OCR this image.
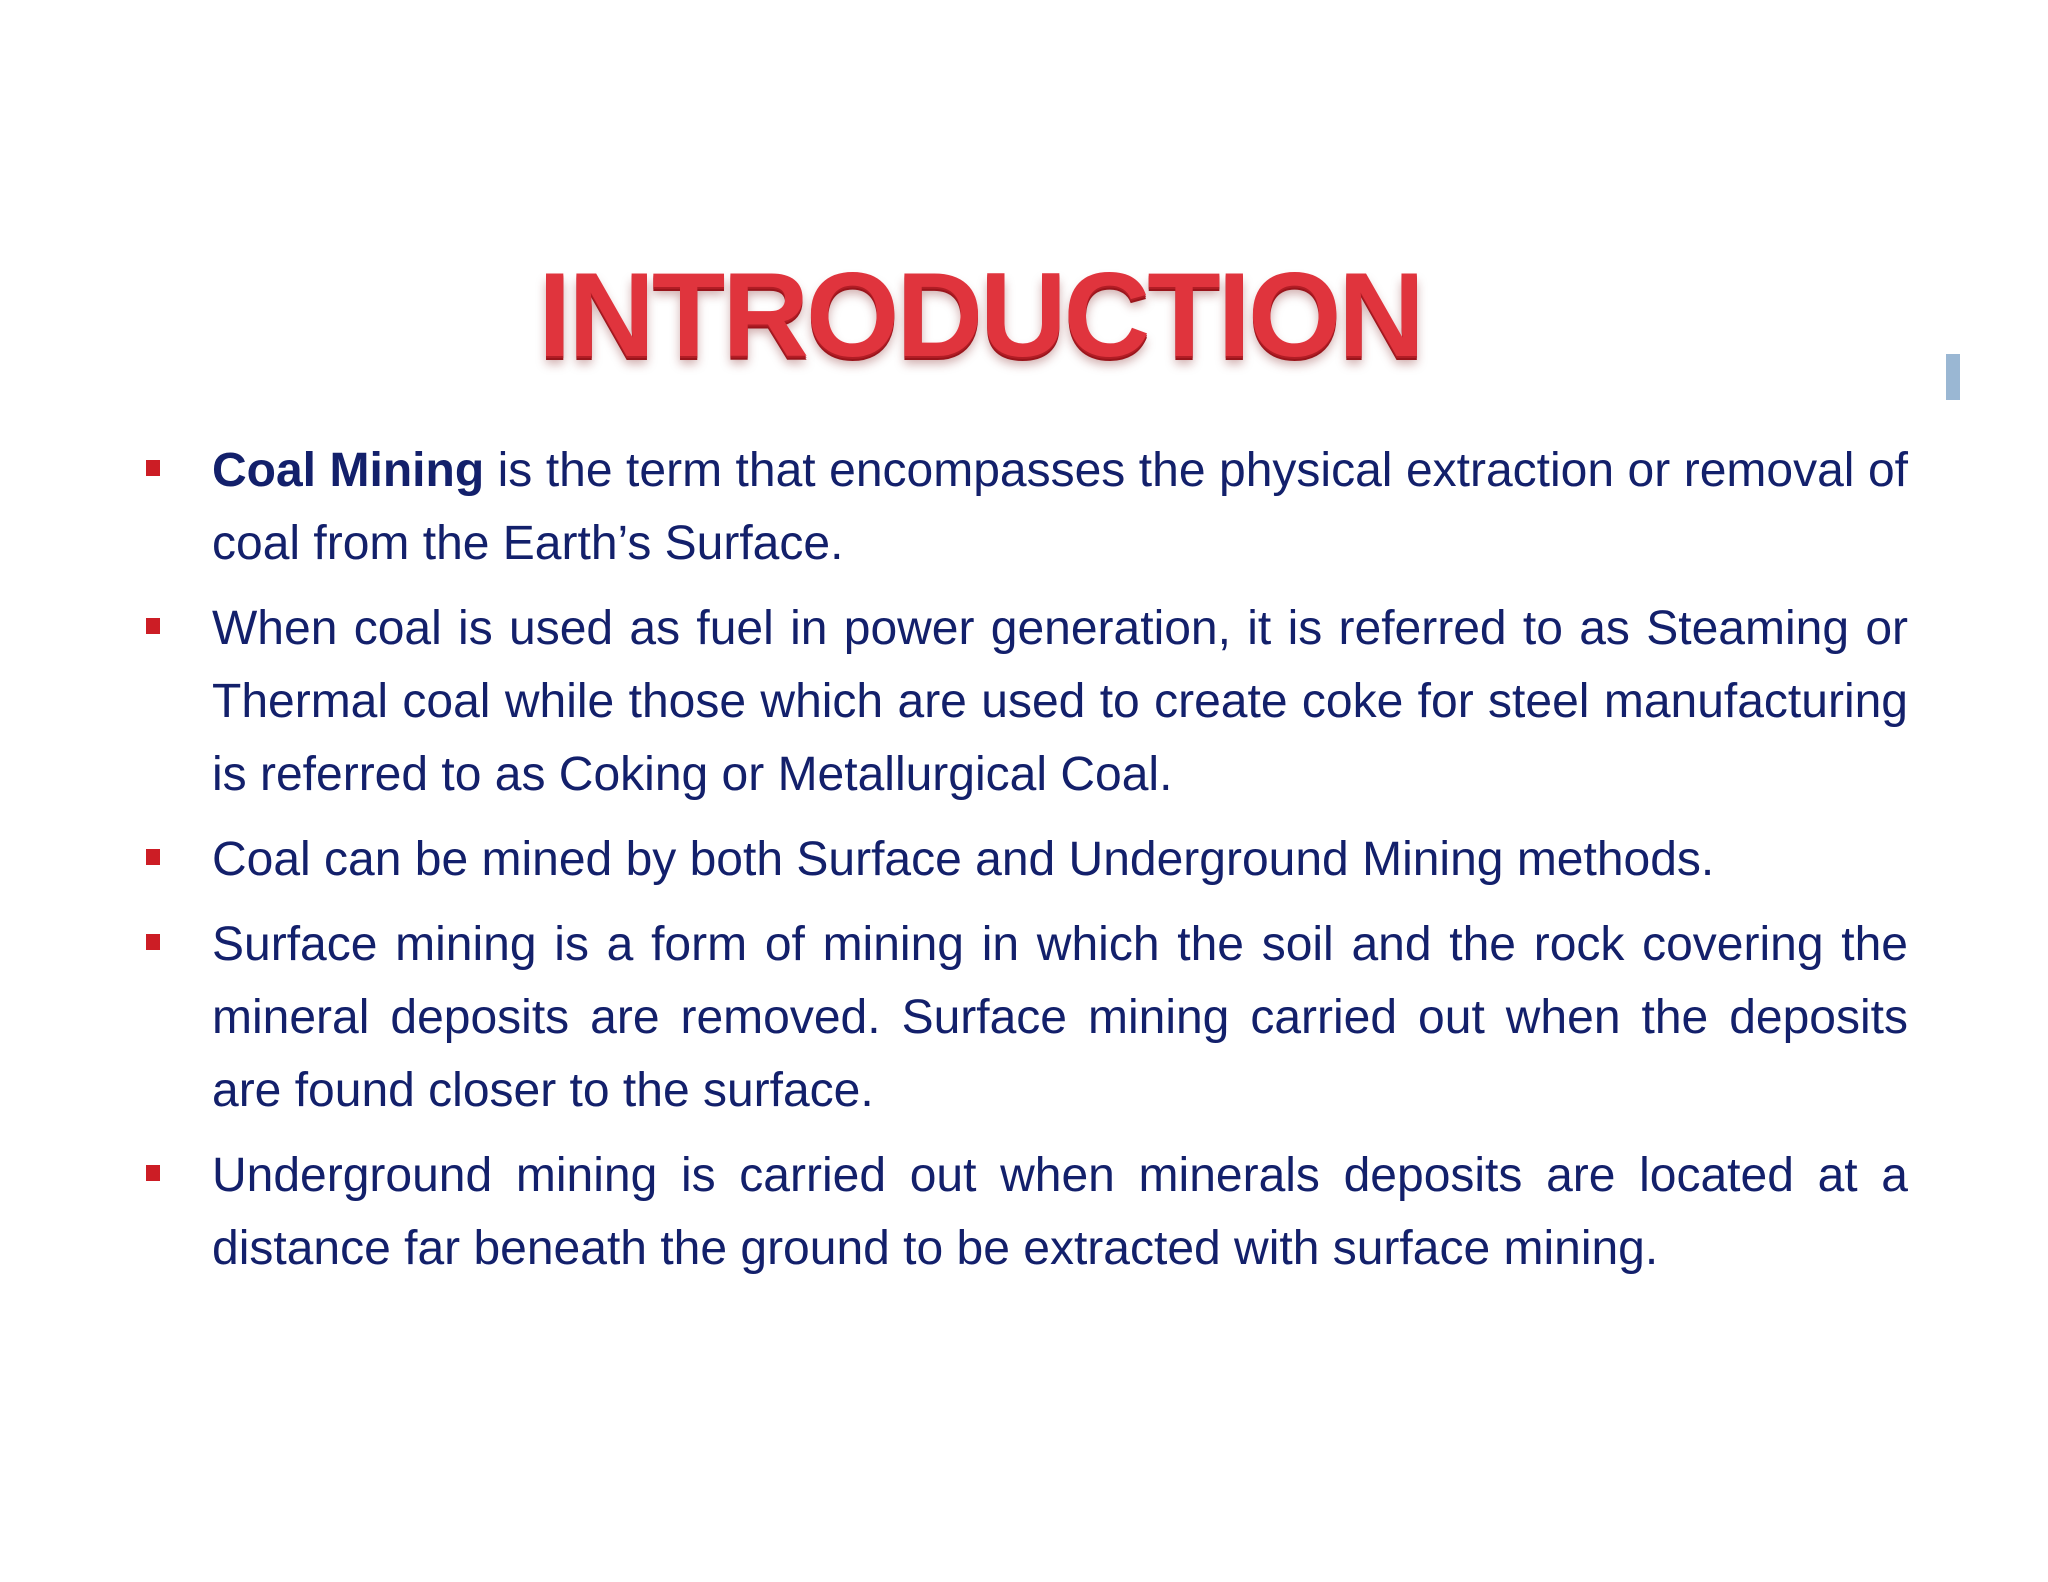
INTRODUCTION
Coal Mining is the term that encompasses the physical extraction or removal of coal from the Earth’s Surface.
When coal is used as fuel in power generation, it is referred to as Steaming or Thermal coal while those which are used to create coke for steel manufacturing is referred to as Coking or Metallurgical Coal.
Coal can be mined by both Surface and Underground Mining methods.
Surface mining is a form of mining in which the soil and the rock covering the mineral deposits are removed. Surface mining carried out when the deposits are found closer to the surface.
Underground mining is carried out when minerals deposits are located at a distance far beneath the ground to be extracted with surface mining.
